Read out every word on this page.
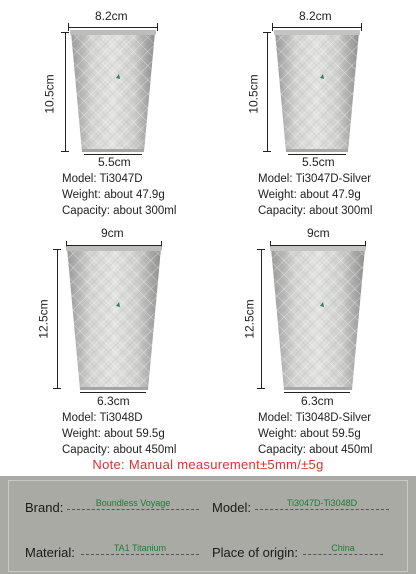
8.2cm
10.5cm
5.5cm
Model: Ti3047D
Weight: about 47.9g
Capacity: about 300ml
8.2cm
10.5cm
5.5cm
Model: Ti3047D-Silver
Weight: about 47.9g
Capacity: about 300ml
9cm
12.5cm
6.3cm
Model: Ti3048D
Weight: about 59.5g
Capacity: about 450ml
9cm
12.5cm
6.3cm
Model: Ti3048D-Silver
Weight: about 59.5g
Capacity: about 450ml
Note: Manual measurement±5mm/±5g
Brand:	Boundless Voyage	Model:	Ti3047D-Ti3048D
Material:	TA1 Titanium	Place of origin:	China
